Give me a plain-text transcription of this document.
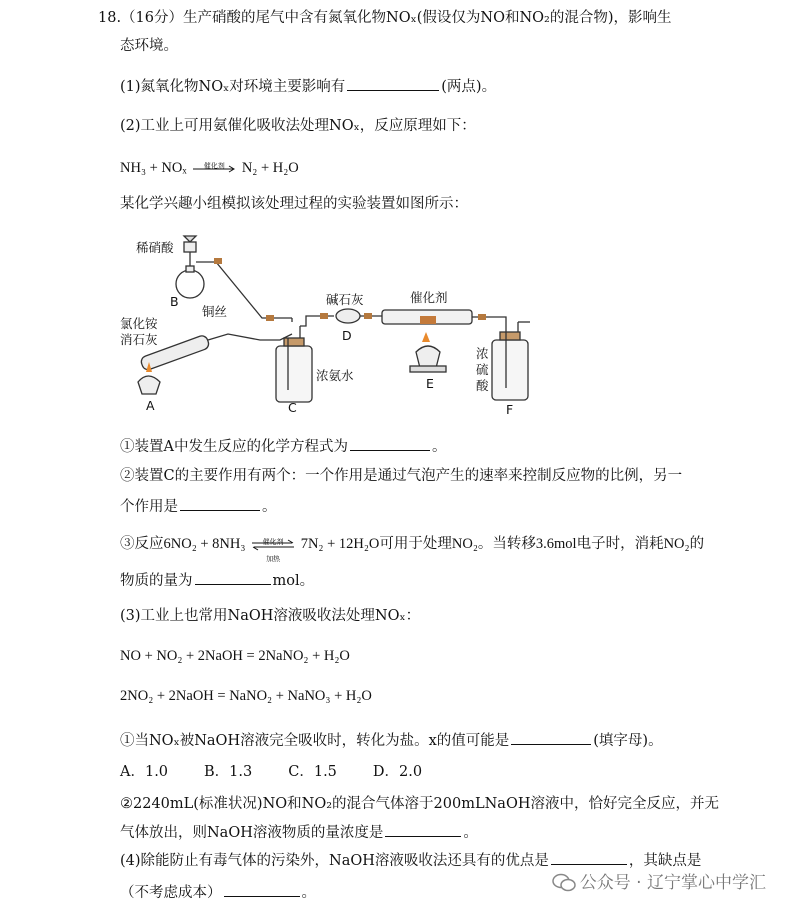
18.（16分）生产硝酸的尾气中含有氮氧化物NOₓ(假设仅为NO和NO₂的混合物)，影响生
态环境。
(1)氮氧化物NOₓ对环境主要影响有	(两点)。
(2)工业上可用氨催化吸收法处理NOₓ，反应原理如下：
NH₃ + NOₓ	催化剂	N₂ + H₂O
某化学兴趣小组模拟该处理过程的实验装置如图所示：
稀硝酸
B
铜丝
氯化铵
消石灰
A	C
浓氨水
碱石灰
D
催化剂
E
浓
硫
酸
F
①装置A中发生反应的化学方程式为	。
②装置C的主要作用有两个：一个作用是通过气泡产生的速率来控制反应物的比例，另一
个作用是	。
③反应6NO₂ + 8NH₃	催化剂
加热
7N₂ + 12H₂O可用于处理NO₂。当转移3.6mol电子时，消耗NO₂的
物质的量为	mol。
(3)工业上也常用NaOH溶液吸收法处理NOₓ：
NO + NO₂ + 2NaOH = 2NaNO₂ + H₂O
2NO₂ + 2NaOH = NaNO₂ + NaNO₃ + H₂O
①当NOₓ被NaOH溶液完全吸收时，转化为盐。x的值可能是	(填字母)。
A．1.0 B．1.3 C．1.5 D．2.0
②2240mL(标准状况)NO和NO₂的混合气体溶于200mLNaOH溶液中，恰好完全反应，并无
气体放出，则NaOH溶液物质的量浓度是	。
(4)除能防止有毒气体的污染外，NaOH溶液吸收法还具有的优点是	，其缺点是
（不考虑成本）	。	公众号 · 辽宁掌心中学汇
